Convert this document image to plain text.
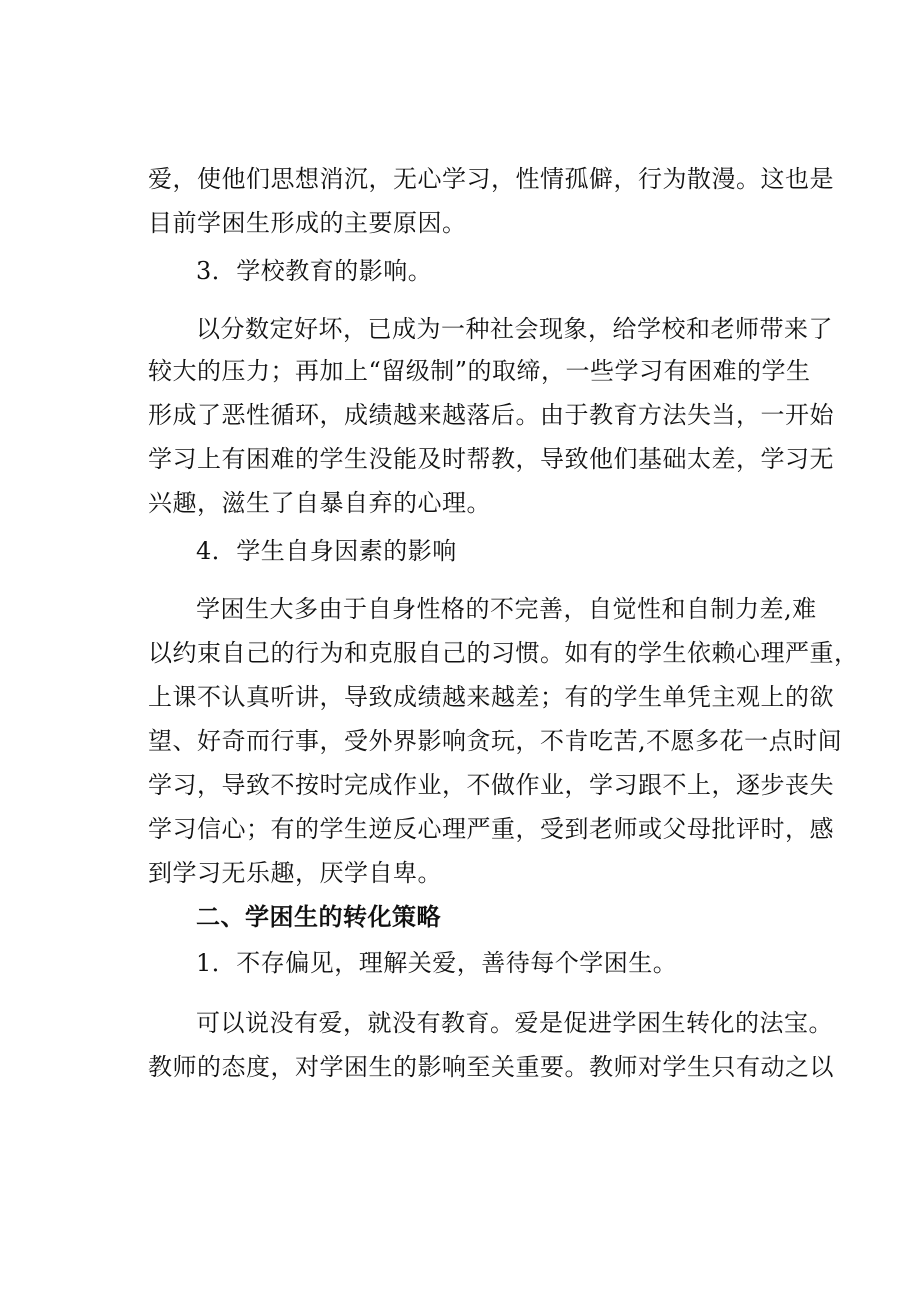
爱，使他们思想消沉，无心学习，性情孤僻，行为散漫。这也是
目前学困生形成的主要原因。
3．学校教育的影响。
以分数定好坏，已成为一种社会现象，给学校和老师带来了
较大的压力；再加上“留级制”的取缔，一些学习有困难的学生
形成了恶性循环，成绩越来越落后。由于教育方法失当，一开始
学习上有困难的学生没能及时帮教，导致他们基础太差，学习无
兴趣，滋生了自暴自弃的心理。
4．学生自身因素的影响
学困生大多由于自身性格的不完善，自觉性和自制力差,难
以约束自己的行为和克服自己的习惯。如有的学生依赖心理严重，
上课不认真听讲，导致成绩越来越差；有的学生单凭主观上的欲
望、好奇而行事，受外界影响贪玩，不肯吃苦,不愿多花一点时间
学习，导致不按时完成作业，不做作业，学习跟不上，逐步丧失
学习信心；有的学生逆反心理严重，受到老师或父母批评时，感
到学习无乐趣，厌学自卑。
二、学困生的转化策略
1．不存偏见，理解关爱，善待每个学困生。
可以说没有爱，就没有教育。爱是促进学困生转化的法宝。
教师的态度，对学困生的影响至关重要。教师对学生只有动之以
